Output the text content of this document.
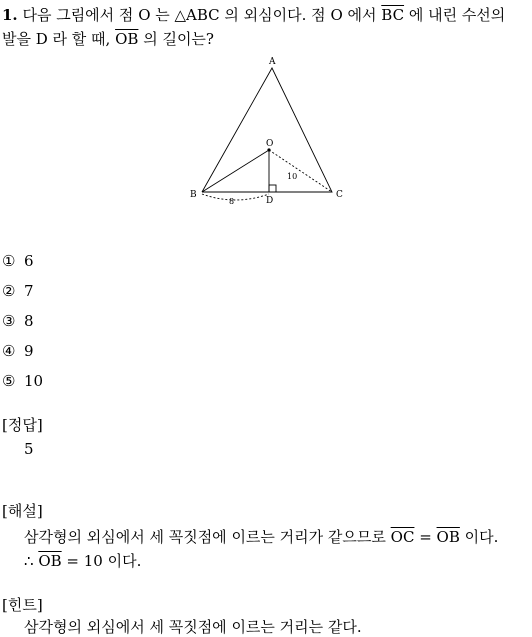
1. 다음 그림에서 점 O 는 △ABC 의 외심이다. 점 O 에서 $\overline{BC}$ 에 내린 수선의
발을 D 라 할 때, $\overline{OB}$ 의 길이는?
A
O
B	C
D
10
8
① 6
② 7
③ 8
④ 9
⑤ 10
[정답]
5
[해설]
삼각형의 외심에서 세 꼭짓점에 이르는 거리가 같으므로 $\overline{OC} = \overline{OB}$ 이다.
∴ $\overline{OB} = 10$ 이다.
[힌트]
삼각형의 외심에서 세 꼭짓점에 이르는 거리는 같다.
